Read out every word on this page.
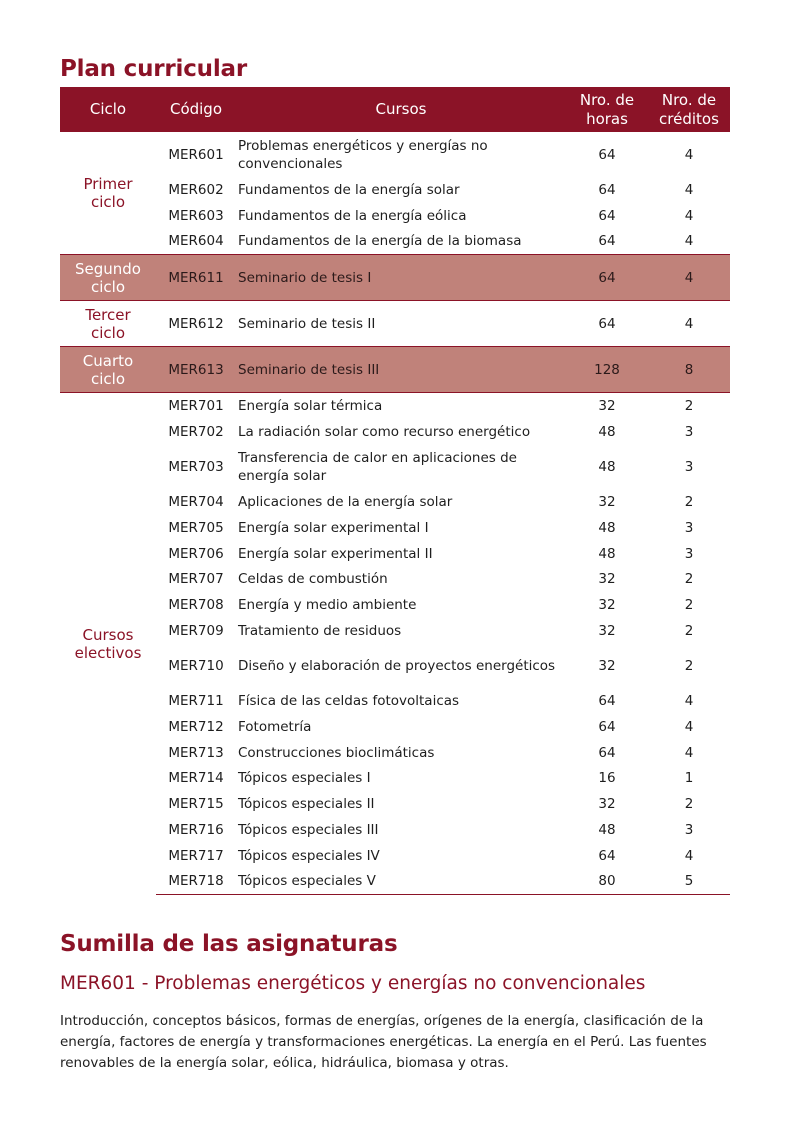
Plan curricular
Ciclo	Código	Cursos	Nro. de horas	Nro. de créditos

Primer ciclo	MER601	Problemas energéticos y energías no convencionales	64	4
	MER602	Fundamentos de la energía solar	64	4
	MER603	Fundamentos de la energía eólica	64	4
	MER604	Fundamentos de la energía de la biomasa	64	4

Segundo ciclo	MER611	Seminario de tesis I	64	4

Tercer ciclo	MER612	Seminario de tesis II	64	4

Cuarto ciclo	MER613	Seminario de tesis III	128	8

Cursos electivos	MER701	Energía solar térmica	32	2
	MER702	La radiación solar como recurso energético	48	3
	MER703	Transferencia de calor en aplicaciones de energía solar	48	3
	MER704	Aplicaciones de la energía solar	32	2
	MER705	Energía solar experimental I	48	3
	MER706	Energía solar experimental II	48	3
	MER707	Celdas de combustión	32	2
	MER708	Energía y medio ambiente	32	2
	MER709	Tratamiento de residuos	32	2
	MER710	Diseño y elaboración de proyectos energéticos	32	2
	MER711	Física de las celdas fotovoltaicas	64	4
	MER712	Fotometría	64	4
	MER713	Construcciones bioclimáticas	64	4
	MER714	Tópicos especiales I	16	1
	MER715	Tópicos especiales II	32	2
	MER716	Tópicos especiales III	48	3
	MER717	Tópicos especiales IV	64	4
	MER718	Tópicos especiales V	80	5
Sumilla de las asignaturas
MER601 - Problemas energéticos y energías no convencionales
Introducción, conceptos básicos, formas de energías, orígenes de la energía, clasificación de la energía, factores de energía y transformaciones energéticas. La energía en el Perú. Las fuentes renovables de la energía solar, eólica, hidráulica, biomasa y otras.
